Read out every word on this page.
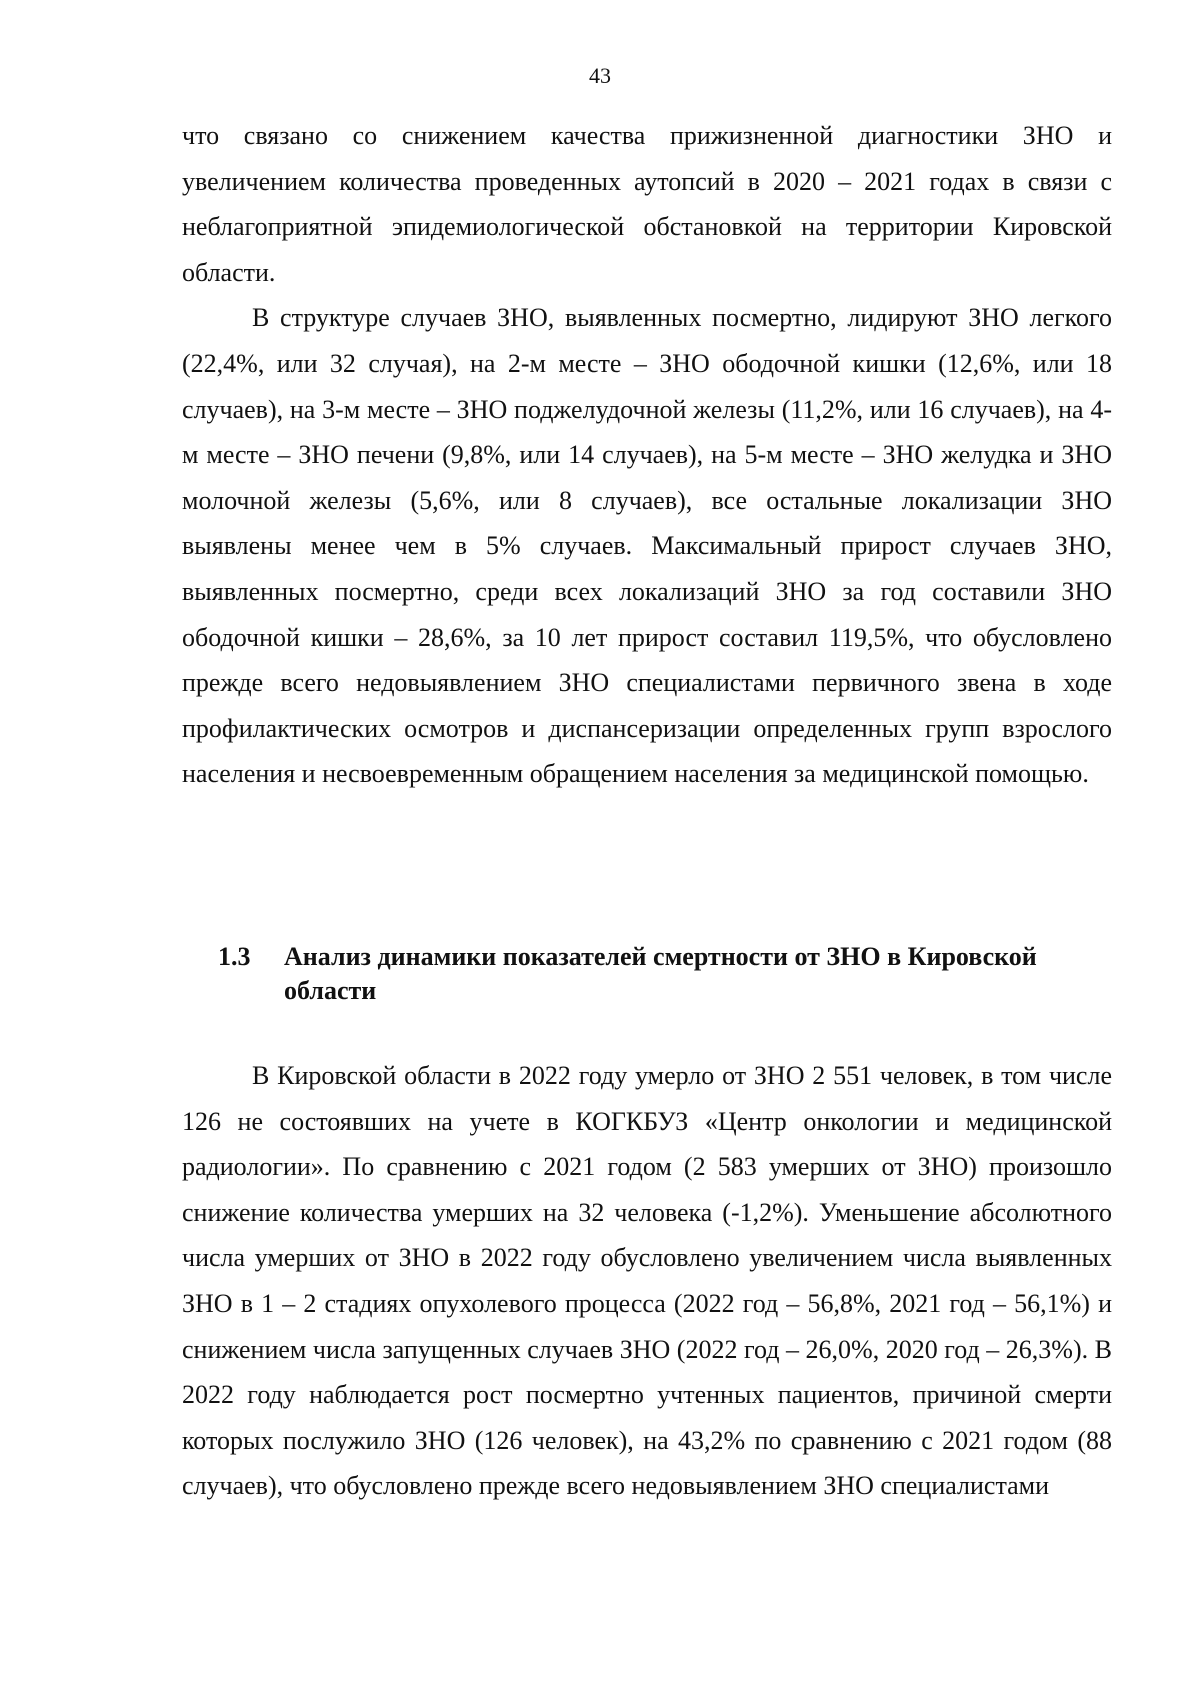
43

что связано со снижением качества прижизненной диагностики ЗНО и увеличением количества проведенных аутопсий в 2020 – 2021 годах в связи с неблагоприятной эпидемиологической обстановкой на территории Кировской области.

В структуре случаев ЗНО, выявленных посмертно, лидируют ЗНО легкого (22,4%, или 32 случая), на 2-м месте – ЗНО ободочной кишки (12,6%, или 18 случаев), на 3-м месте – ЗНО поджелудочной железы (11,2%, или 16 случаев), на 4-м месте – ЗНО печени (9,8%, или 14 случаев), на 5-м месте – ЗНО желудка и ЗНО молочной железы (5,6%, или 8 случаев), все остальные локализации ЗНО выявлены менее чем в 5% случаев. Максимальный прирост случаев ЗНО, выявленных посмертно, среди всех локализаций ЗНО за год составили ЗНО ободочной кишки – 28,6%, за 10 лет прирост составил 119,5%, что обусловлено прежде всего недовыявлением ЗНО специалистами первичного звена в ходе профилактических осмотров и диспансеризации определенных групп взрослого населения и несвоевременным обращением населения за медицинской помощью.

1.3	Анализ динамики показателей смертности от ЗНО в Кировской области

В Кировской области в 2022 году умерло от ЗНО 2 551 человек, в том числе 126 не состоявших на учете в КОГКБУЗ «Центр онкологии и медицинской радиологии». По сравнению с 2021 годом (2 583 умерших от ЗНО) произошло снижение количества умерших на 32 человека (-1,2%). Уменьшение абсолютного числа умерших от ЗНО в 2022 году обусловлено увеличением числа выявленных ЗНО в 1 – 2 стадиях опухолевого процесса (2022 год – 56,8%, 2021 год – 56,1%) и снижением числа запущенных случаев ЗНО (2022 год – 26,0%, 2020 год – 26,3%). В 2022 году наблюдается рост посмертно учтенных пациентов, причиной смерти которых послужило ЗНО (126 человек), на 43,2% по сравнению с 2021 годом (88 случаев), что обусловлено прежде всего недовыявлением ЗНО специалистами
